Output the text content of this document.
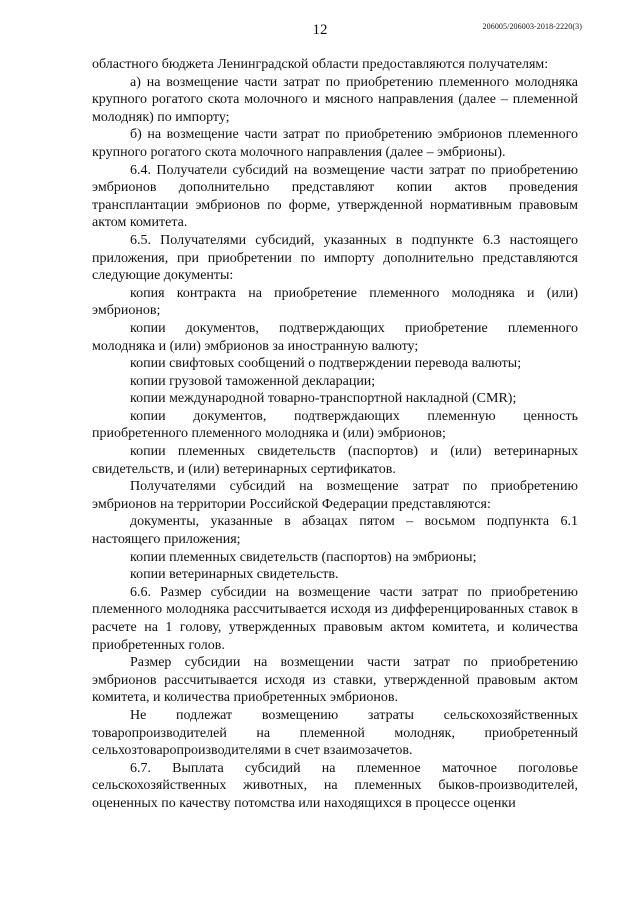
12	206005/206003-2018-2220(3)

областного бюджета Ленинградской области предоставляются получателям:

а) на возмещение части затрат по приобретению племенного молодняка крупного рогатого скота молочного и мясного направления (далее – племенной молодняк) по импорту;

б) на возмещение части затрат по приобретению эмбрионов племенного крупного рогатого скота молочного направления (далее – эмбрионы).

6.4. Получатели субсидий на возмещение части затрат по приобретению эмбрионов дополнительно представляют копии актов проведения трансплантации эмбрионов по форме, утвержденной нормативным правовым актом комитета.

6.5. Получателями субсидий, указанных в подпункте 6.3 настоящего приложения, при приобретении по импорту дополнительно представляются следующие документы:

копия контракта на приобретение племенного молодняка и (или) эмбрионов;

копии документов, подтверждающих приобретение племенного молодняка и (или) эмбрионов за иностранную валюту;

копии свифтовых сообщений о подтверждении перевода валюты;

копии грузовой таможенной декларации;

копии международной товарно-транспортной накладной (CMR);

копии документов, подтверждающих племенную ценность приобретенного племенного молодняка и (или) эмбрионов;

копии племенных свидетельств (паспортов) и (или) ветеринарных свидетельств, и (или) ветеринарных сертификатов.

Получателями субсидий на возмещение затрат по приобретению эмбрионов на территории Российской Федерации представляются:

документы, указанные в абзацах пятом – восьмом подпункта 6.1 настоящего приложения;

копии племенных свидетельств (паспортов) на эмбрионы;

копии ветеринарных свидетельств.

6.6. Размер субсидии на возмещение части затрат по приобретению племенного молодняка рассчитывается исходя из дифференцированных ставок в расчете на 1 голову, утвержденных правовым актом комитета, и количества приобретенных голов.

Размер субсидии на возмещении части затрат по приобретению эмбрионов рассчитывается исходя из ставки, утвержденной правовым актом комитета, и количества приобретенных эмбрионов.

Не подлежат возмещению затраты сельскохозяйственных товаропроизводителей на племенной молодняк, приобретенный сельхозтоваропроизводителями в счет взаимозачетов.

6.7. Выплата субсидий на племенное маточное поголовье сельскохозяйственных животных, на племенных быков-производителей, оцененных по качеству потомства или находящихся в процессе оценки
